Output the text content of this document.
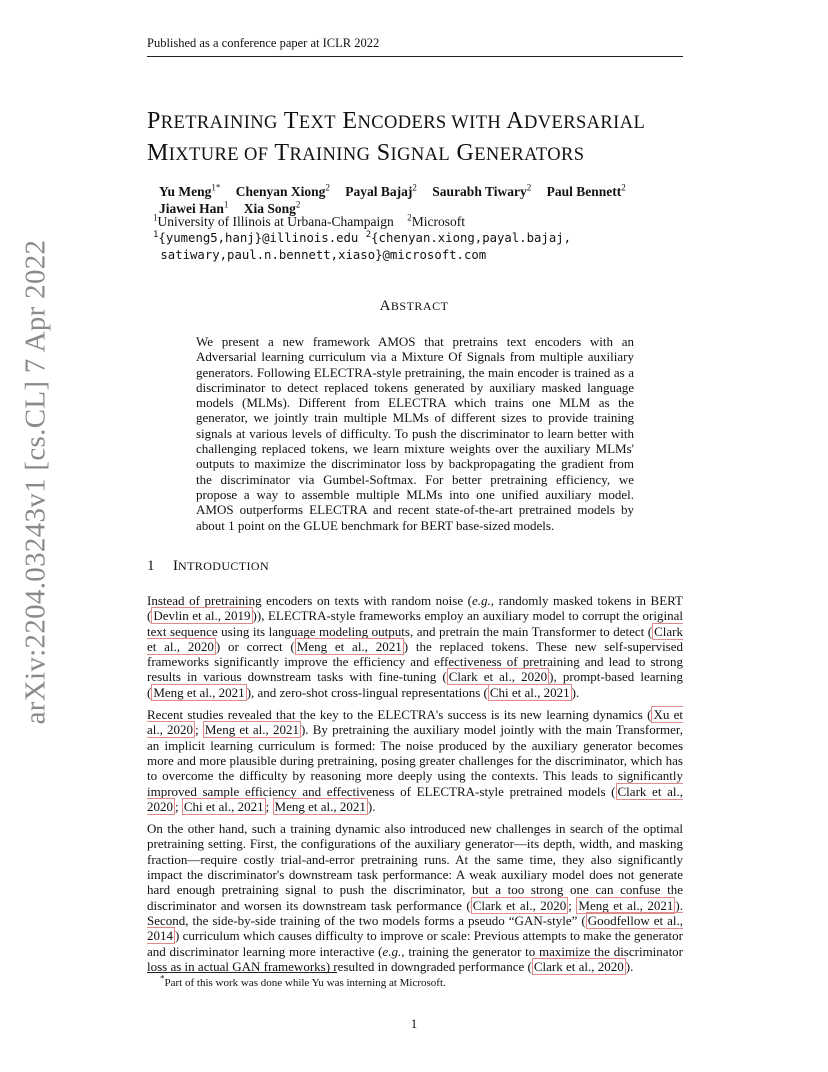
Published as a conference paper at ICLR 2022
arXiv:2204.03243v1 [cs.CL] 7 Apr 2022
PRETRAINING TEXT ENCODERS WITH ADVERSARIAL
MIXTURE OF TRAINING SIGNAL GENERATORS
Yu Meng$^{1*}$ Chenyan Xiong$^2$ Payal Bajaj$^2$ Saurabh Tiwary$^2$ Paul Bennett$^2$
Jiawei Han$^1$ Xia Song$^2$
$^1$University of Illinois at Urbana-Champaign $^2$Microsoft
$^1${yumeng5,hanj}@illinois.edu $^2${chenyan.xiong,payal.bajaj,
satiwary,paul.n.bennett,xiaso}@microsoft.com
ABSTRACT
We present a new framework AMOS that pretrains text encoders with an Adversarial learning curriculum via a Mixture Of Signals from multiple auxiliary generators. Following ELECTRA-style pretraining, the main encoder is trained as a discriminator to detect replaced tokens generated by auxiliary masked language models (MLMs). Different from ELECTRA which trains one MLM as the generator, we jointly train multiple MLMs of different sizes to provide training signals at various levels of difficulty. To push the discriminator to learn better with challenging replaced tokens, we learn mixture weights over the auxiliary MLMs' outputs to maximize the discriminator loss by backpropagating the gradient from the discriminator via Gumbel-Softmax. For better pretraining efficiency, we propose a way to assemble multiple MLMs into one unified auxiliary model. AMOS outperforms ELECTRA and recent state-of-the-art pretrained models by about 1 point on the GLUE benchmark for BERT base-sized models.
1 INTRODUCTION

Instead of pretraining encoders on texts with random noise (e.g., randomly masked tokens in BERT ( Devlin et al., 2019 )), ELECTRA-style frameworks employ an auxiliary model to corrupt the original text sequence using its language modeling outputs, and pretrain the main Transformer to detect ( Clark et al., 2020 ) or correct ( Meng et al., 2021 ) the replaced tokens. These new self-supervised frameworks significantly improve the efficiency and effectiveness of pretraining and lead to strong results in various downstream tasks with fine-tuning ( Clark et al., 2020 ), prompt-based learning ( Meng et al., 2021 ), and zero-shot cross-lingual representations ( Chi et al., 2021 ).

Recent studies revealed that the key to the ELECTRA's success is its new learning dynamics ( Xu et al., 2020 ; Meng et al., 2021 ). By pretraining the auxiliary model jointly with the main Transformer, an implicit learning curriculum is formed: The noise produced by the auxiliary generator becomes more and more plausible during pretraining, posing greater challenges for the discriminator, which has to overcome the difficulty by reasoning more deeply using the contexts. This leads to significantly improved sample efficiency and effectiveness of ELECTRA-style pretrained models ( Clark et al., 2020 ; Chi et al., 2021 ; Meng et al., 2021 ).

On the other hand, such a training dynamic also introduced new challenges in search of the optimal pretraining setting. First, the configurations of the auxiliary generator—its depth, width, and masking fraction—require costly trial-and-error pretraining runs. At the same time, they also significantly impact the discriminator's downstream task performance: A weak auxiliary model does not generate hard enough pretraining signal to push the discriminator, but a too strong one can confuse the discriminator and worsen its downstream task performance ( Clark et al., 2020 ; Meng et al., 2021 ). Second, the side-by-side training of the two models forms a pseudo “GAN-style” ( Goodfellow et al., 2014 ) curriculum which causes difficulty to improve or scale: Previous attempts to make the generator and discriminator learning more interactive (e.g., training the generator to maximize the discriminator loss as in actual GAN frameworks) resulted in downgraded performance ( Clark et al., 2020 ).

*Part of this work was done while Yu was interning at Microsoft.
1
